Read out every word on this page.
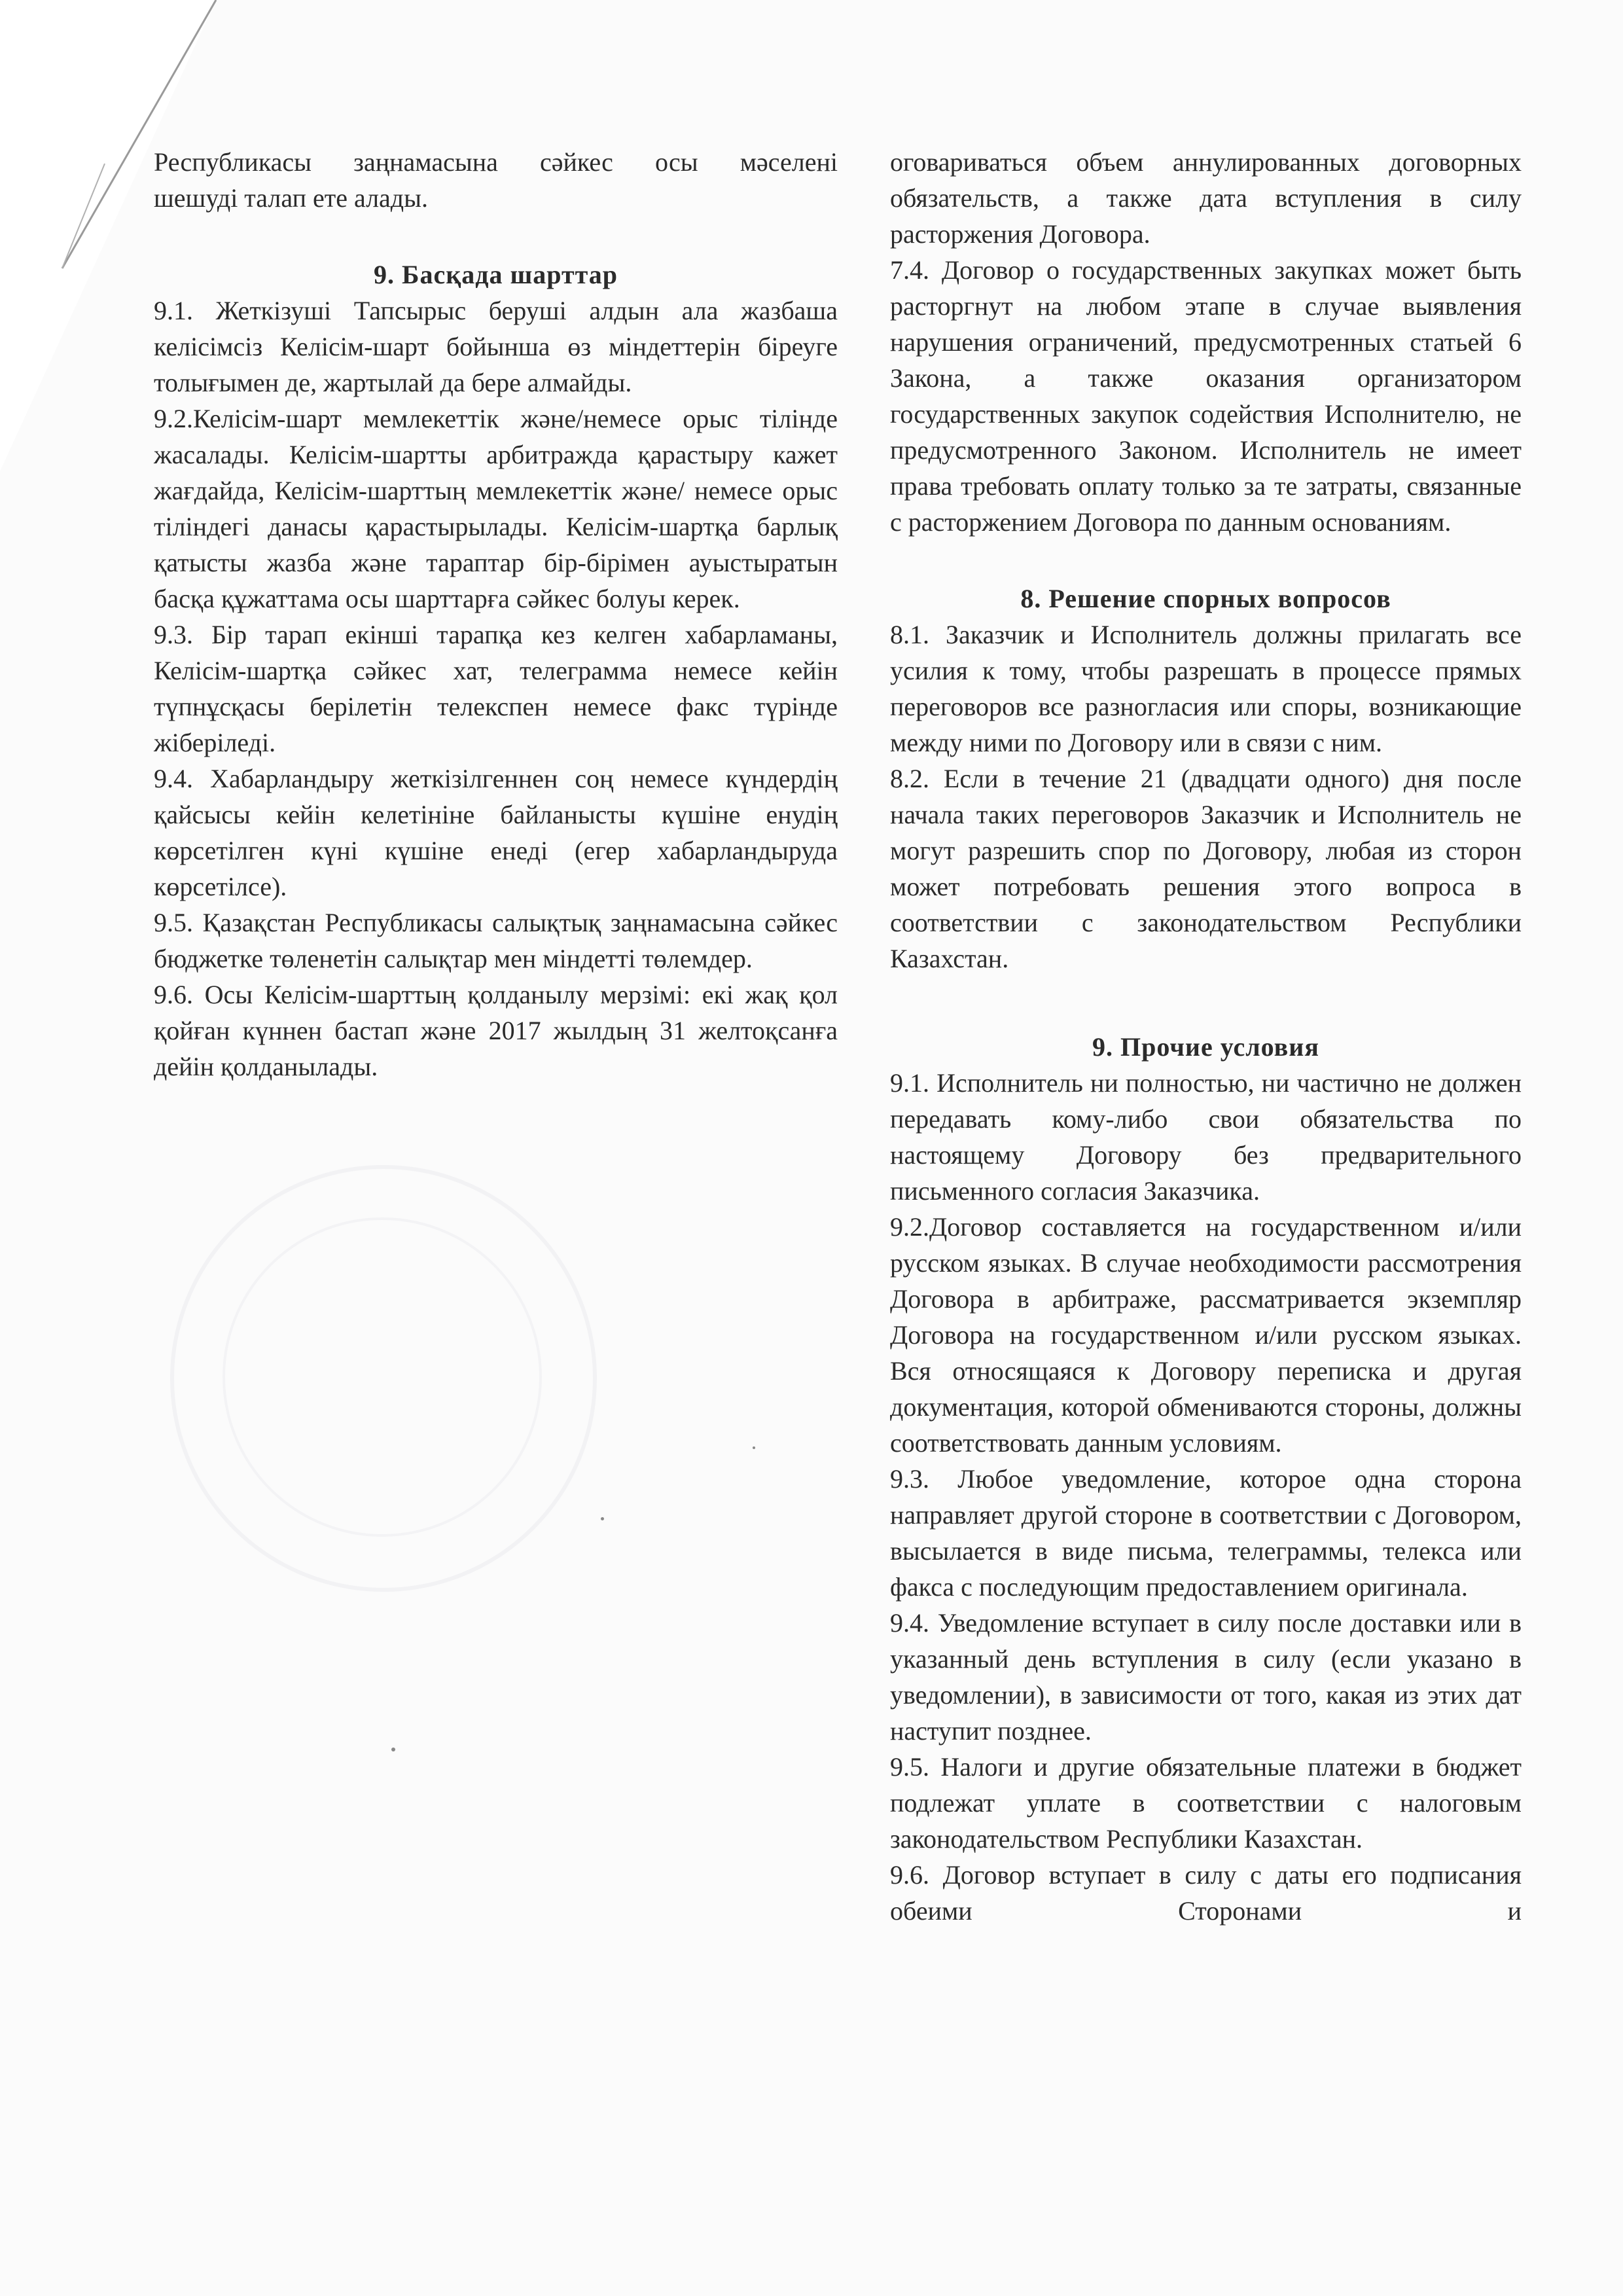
Республикасы заңнамасына сәйкес осы мәселені

шешуді талап ете алады.

9. Басқада шарттар

9.1. Жеткізуші Тапсырыс беруші алдын ала жазбаша келісімсіз Келісім-шарт бойынша өз міндеттерін біреуге толығымен де, жартылай да бере алмайды.

9.2.Келісім-шарт мемлекеттік және/немесе орыс тілінде жасалады. Келісім-шартты арбитражда қарастыру кажет жағдайда, Келісім-шарттың мемлекеттік және/ немесе орыс тіліндегі данасы қарастырылады. Келісім-шартқа барлық қатысты жазба және тараптар бір-бірімен ауыстыратын басқа құжаттама осы шарттарға сәйкес болуы керек.

9.3. Бір тарап екінші тарапқа кез келген хабарламаны, Келісім-шартқа сәйкес хат, телеграмма немесе кейін түпнұсқасы берілетін телекспен немесе факс түрінде жіберіледі.

9.4. Хабарландыру жеткізілгеннен соң немесе күндердің қайсысы кейін келетініне байланысты күшіне енудің көрсетілген күні күшіне енеді (егер хабарландыруда көрсетілсе).

9.5. Қазақстан Республикасы салықтық заңнамасына сәйкес бюджетке төленетін салықтар мен міндетті төлемдер.

9.6. Осы Келісім-шарттың қолданылу мерзімі: екі жақ қол қойған күннен бастап және 2017 жылдың 31 желтоқсанға дейін қолданылады.

оговариваться объем аннулированных договорных обязательств, а также дата вступления в силу расторжения Договора.

7.4. Договор о государственных закупках может быть расторгнут на любом этапе в случае выявления нарушения ограничений, предусмотренных статьей 6 Закона, а также оказания организатором государственных закупок содействия Исполнителю, не предусмотренного Законом. Исполнитель не имеет права требовать оплату только за те затраты, связанные с расторжением Договора по данным основаниям.

8. Решение спорных вопросов

8.1. Заказчик и Исполнитель должны прилагать все усилия к тому, чтобы разрешать в процессе прямых переговоров все разногласия или споры, возникающие между ними по Договору или в связи с ним.

8.2. Если в течение 21 (двадцати одного) дня после начала таких переговоров Заказчик и Исполнитель не могут разрешить спор по Договору, любая из сторон может потребовать решения этого вопроса в соответствии с законодательством Республики Казахстан.

9. Прочие условия

9.1. Исполнитель ни полностью, ни частично не должен передавать кому-либо свои обязательства по настоящему Договору без предварительного письменного согласия Заказчика.

9.2.Договор составляется на государственном и/или русском языках. В случае необходимости рассмотрения Договора в арбитраже, рассматривается экземпляр Договора на государственном и/или русском языках. Вся относящаяся к Договору переписка и другая документация, которой обмениваются стороны, должны соответствовать данным условиям.

9.3. Любое уведомление, которое одна сторона направляет другой стороне в соответствии с Договором, высылается в виде письма, телеграммы, телекса или факса с последующим предоставлением оригинала.

9.4. Уведомление вступает в силу после доставки или в указанный день вступления в силу (если указано в уведомлении), в зависимости от того, какая из этих дат наступит позднее.

9.5. Налоги и другие обязательные платежи в бюджет подлежат уплате в соответствии с налоговым законодательством Республики Казахстан.

9.6. Договор вступает в силу с даты его подписания обеими Сторонами и
